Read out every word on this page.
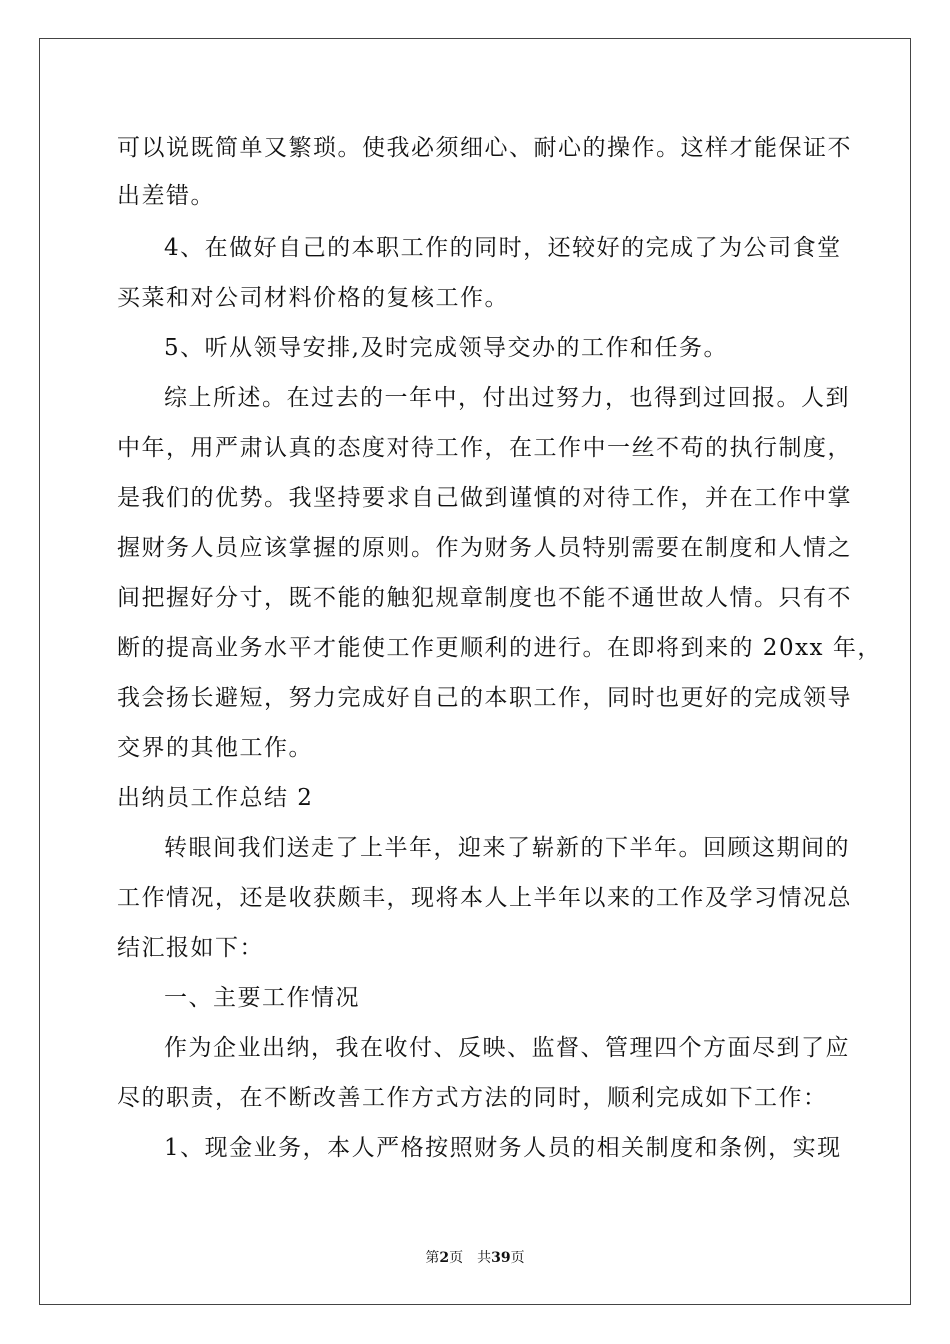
可以说既简单又繁琐。使我必须细心、耐心的操作。这样才能保证不
出差错。
4、在做好自己的本职工作的同时，还较好的完成了为公司食堂
买菜和对公司材料价格的复核工作。
5、听从领导安排,及时完成领导交办的工作和任务。
综上所述。在过去的一年中，付出过努力，也得到过回报。人到
中年，用严肃认真的态度对待工作，在工作中一丝不苟的执行制度，
是我们的优势。我坚持要求自己做到谨慎的对待工作，并在工作中掌
握财务人员应该掌握的原则。作为财务人员特别需要在制度和人情之
间把握好分寸，既不能的触犯规章制度也不能不通世故人情。只有不
断的提高业务水平才能使工作更顺利的进行。在即将到来的 20xx 年，
我会扬长避短，努力完成好自己的本职工作，同时也更好的完成领导
交界的其他工作。
出纳员工作总结 2
转眼间我们送走了上半年，迎来了崭新的下半年。回顾这期间的
工作情况，还是收获颇丰，现将本人上半年以来的工作及学习情况总
结汇报如下：
一、主要工作情况
作为企业出纳，我在收付、反映、监督、管理四个方面尽到了应
尽的职责，在不断改善工作方式方法的同时，顺利完成如下工作：
1、现金业务，本人严格按照财务人员的相关制度和条例，实现
第2页 共39页
